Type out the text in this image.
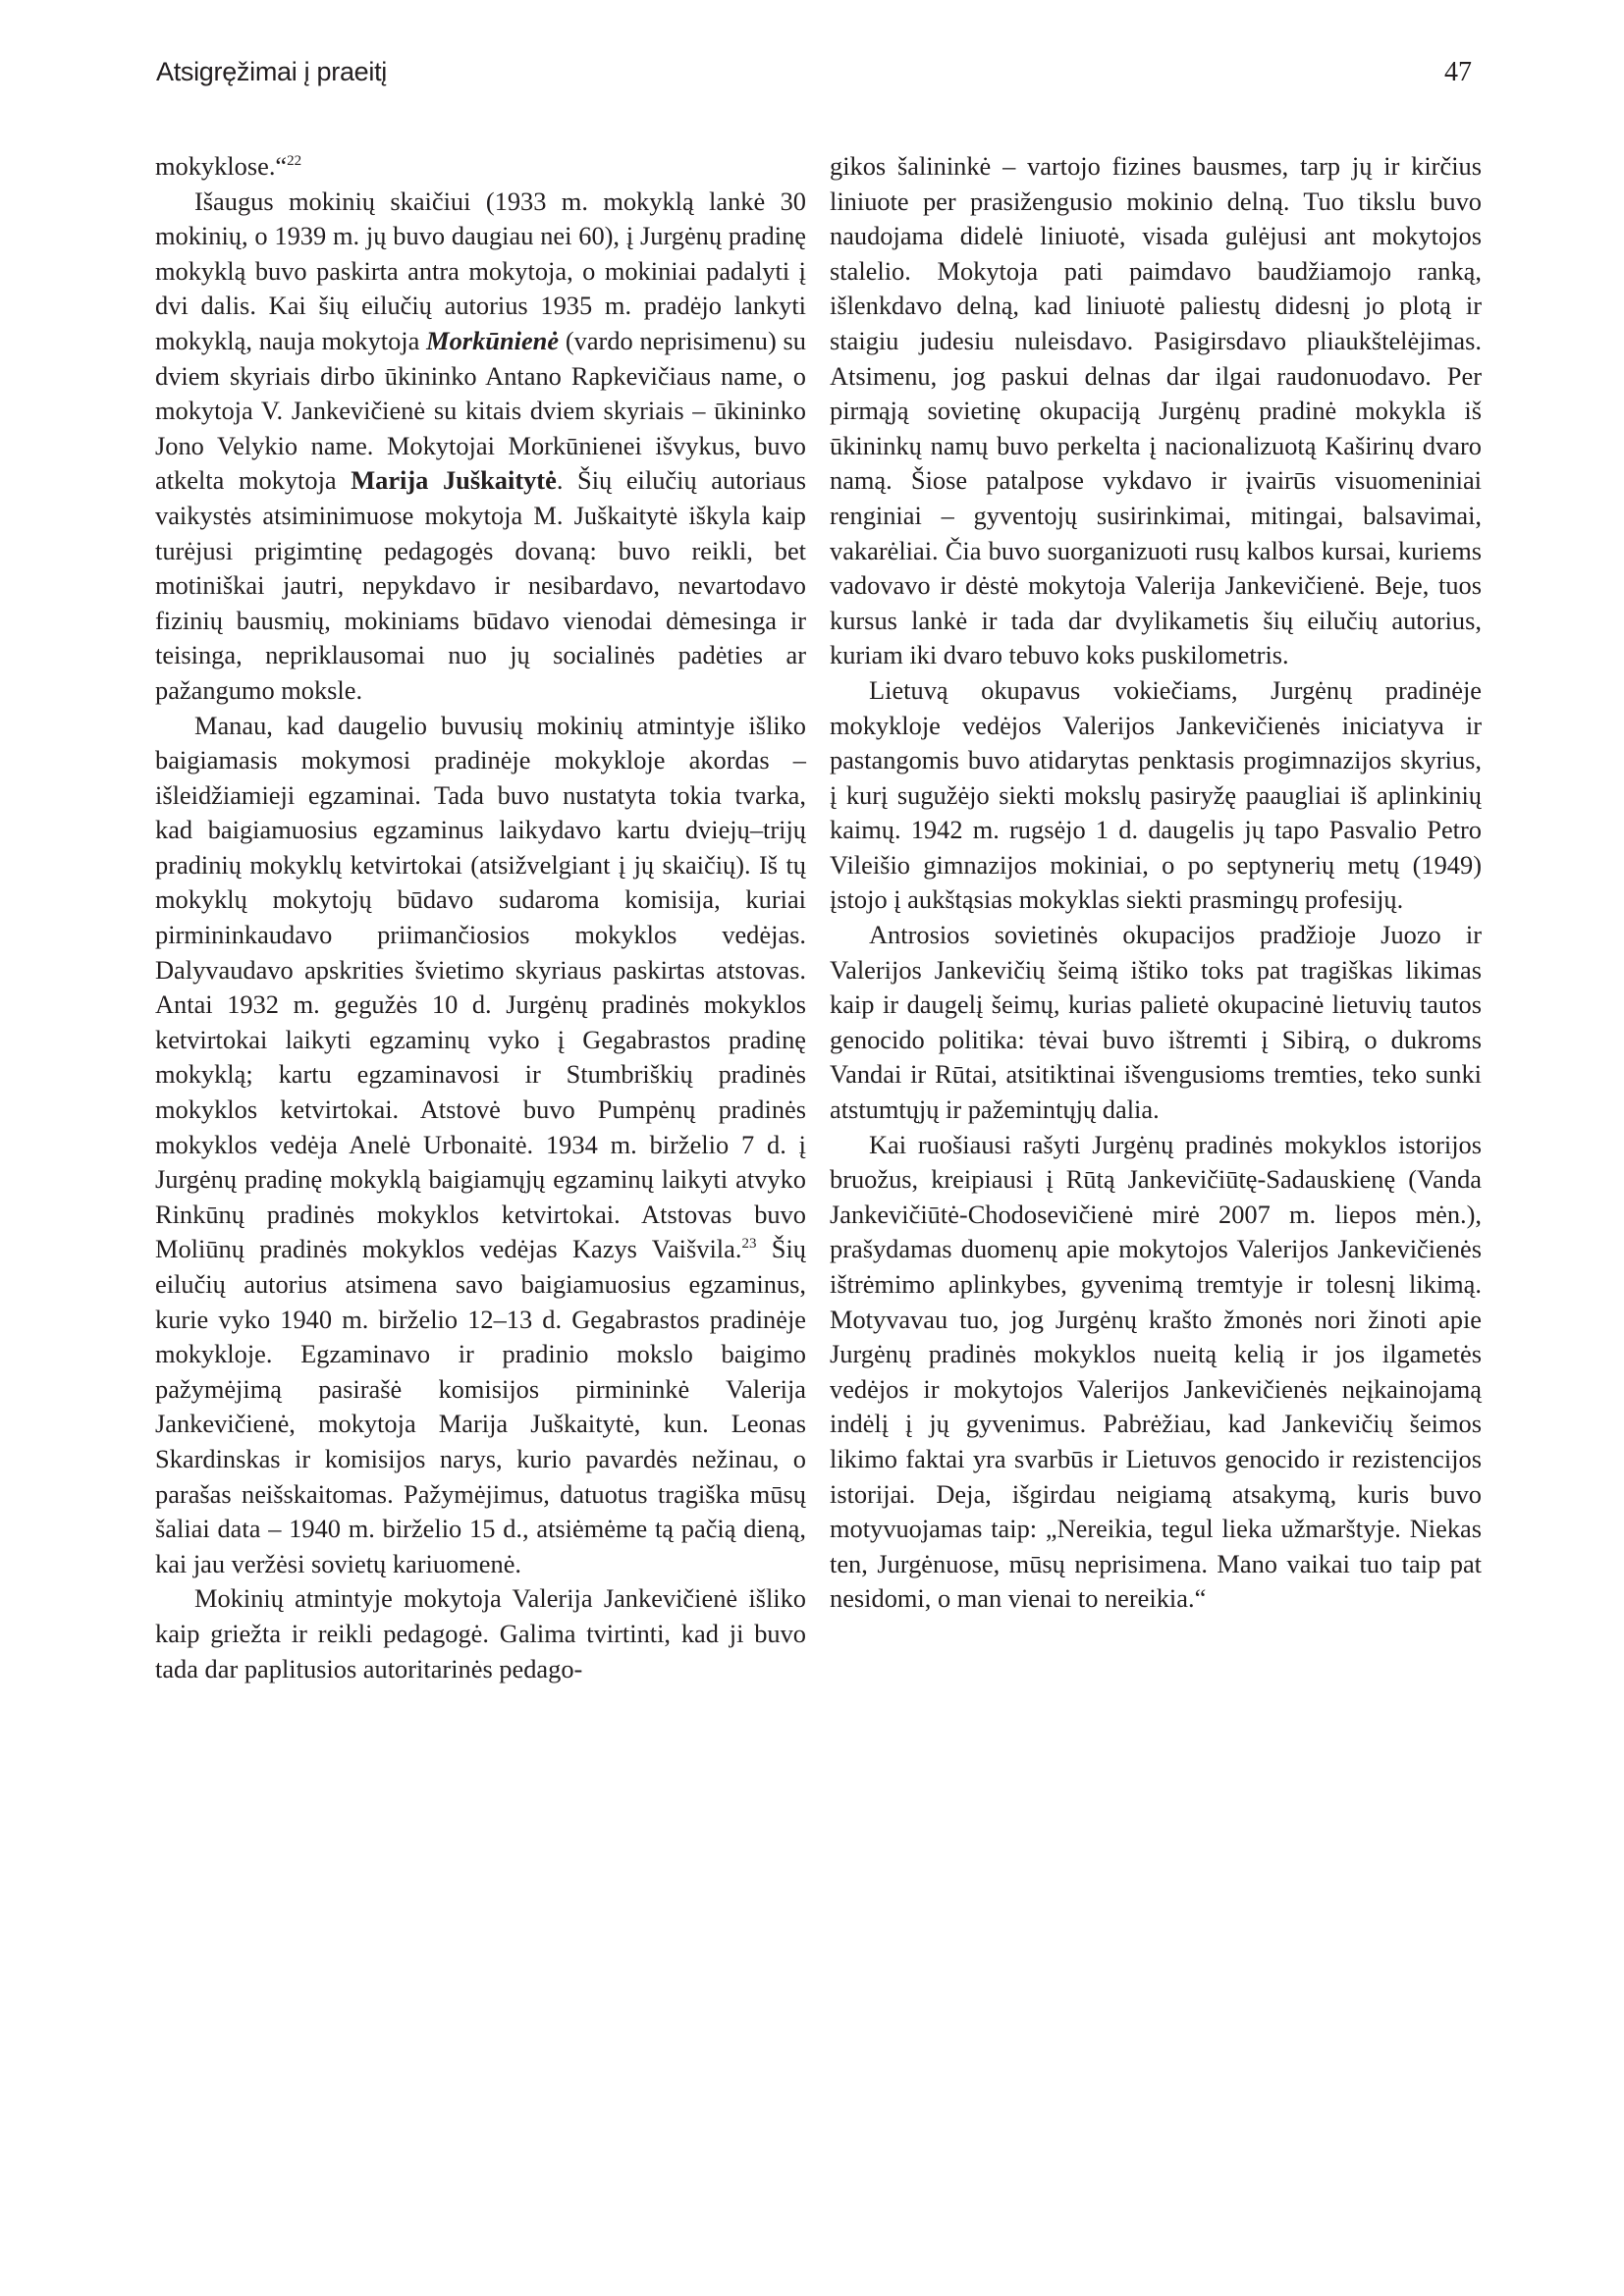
Atsigręžimai į praeitį	47

mokyklose.“$^{22}$

Išaugus mokinių skaičiui (1933 m. mokyklą lankė 30 mokinių, o 1939 m. jų buvo daugiau nei 60), į Jurgėnų pradinę mokyklą buvo paskirta antra mokytoja, o mokiniai padalyti į dvi dalis. Kai šių eilučių autorius 1935 m. pradėjo lankyti mokyklą, nauja mokytoja Morkūnienė (vardo neprisimenu) su dviem skyriais dirbo ūkininko Antano Rapkevičiaus name, o mokytoja V. Jankevičienė su kitais dviem skyriais – ūkininko Jono Velykio name. Mokytojai Morkūnienei išvykus, buvo atkelta mokytoja Marija Juškaitytė. Šių eilučių autoriaus vaikystės atsiminimuose mokytoja M. Juškaitytė iškyla kaip turėjusi prigimtinę pedagogės dovaną: buvo reikli, bet motiniškai jautri, nepykdavo ir nesibardavo, nevartodavo fizinių bausmių, mokiniams būdavo vienodai dėmesinga ir teisinga, nepriklausomai nuo jų socialinės padėties ar pažangumo moksle.

Manau, kad daugelio buvusių mokinių atmintyje išliko baigiamasis mokymosi pradinėje mokykloje akordas – išleidžiamieji egzaminai. Tada buvo nustatyta tokia tvarka, kad baigiamuosius egzaminus laikydavo kartu dviejų–trijų pradinių mokyklų ketvirtokai (atsižvelgiant į jų skaičių). Iš tų mokyklų mokytojų būdavo sudaroma komisija, kuriai pirmininkaudavo priimančiosios mokyklos vedėjas. Dalyvaudavo apskrities švietimo skyriaus paskirtas atstovas. Antai 1932 m. gegužės 10 d. Jurgėnų pradinės mokyklos ketvirtokai laikyti egzaminų vyko į Gegabrastos pradinę mokyklą; kartu egzaminavosi ir Stumbriškių pradinės mokyklos ketvirtokai. Atstovė buvo Pumpėnų pradinės mokyklos vedėja Anelė Urbonaitė. 1934 m. birželio 7 d. į Jurgėnų pradinę mokyklą baigiamųjų egzaminų laikyti atvyko Rinkūnų pradinės mokyklos ketvirtokai. Atstovas buvo Moliūnų pradinės mokyklos vedėjas Kazys Vaišvila.$^{23}$ Šių eilučių autorius atsimena savo baigiamuosius egzaminus, kurie vyko 1940 m. birželio 12–13 d. Gegabrastos pradinėje mokykloje. Egzaminavo ir pradinio mokslo baigimo pažymėjimą pasirašė komisijos pirmininkė Valerija Jankevičienė, mokytoja Marija Juškaitytė, kun. Leonas Skardinskas ir komisijos narys, kurio pavardės nežinau, o parašas neišskaitomas. Pažymėjimus, datuotus tragiška mūsų šaliai data – 1940 m. birželio 15 d., atsiėmėme tą pačią dieną, kai jau veržėsi sovietų kariuomenė.

Mokinių atmintyje mokytoja Valerija Jankevičienė išliko kaip griežta ir reikli pedagogė. Galima tvirtinti, kad ji buvo tada dar paplitusios autoritarinės pedago-

gikos šalininkė – vartojo fizines bausmes, tarp jų ir kirčius liniuote per prasižengusio mokinio delną. Tuo tikslu buvo naudojama didelė liniuotė, visada gulėjusi ant mokytojos stalelio. Mokytoja pati paimdavo baudžiamojo ranką, išlenkdavo delną, kad liniuotė paliestų didesnį jo plotą ir staigiu judesiu nuleisdavo. Pasigirsdavo pliaukštelėjimas. Atsimenu, jog paskui delnas dar ilgai raudonuodavo. Per pirmąją sovietinę okupaciją Jurgėnų pradinė mokykla iš ūkininkų namų buvo perkelta į nacionalizuotą Kaširinų dvaro namą. Šiose patalpose vykdavo ir įvairūs visuomeniniai renginiai – gyventojų susirinkimai, mitingai, balsavimai, vakarėliai. Čia buvo suorganizuoti rusų kalbos kursai, kuriems vadovavo ir dėstė mokytoja Valerija Jankevičienė. Beje, tuos kursus lankė ir tada dar dvylikametis šių eilučių autorius, kuriam iki dvaro tebuvo koks puskilometris.

Lietuvą okupavus vokiečiams, Jurgėnų pradinėje mokykloje vedėjos Valerijos Jankevičienės iniciatyva ir pastangomis buvo atidarytas penktasis progimnazijos skyrius, į kurį sugužėjo siekti mokslų pasiryžę paaugliai iš aplinkinių kaimų. 1942 m. rugsėjo 1 d. daugelis jų tapo Pasvalio Petro Vileišio gimnazijos mokiniai, o po septynerių metų (1949) įstojo į aukštąsias mokyklas siekti prasmingų profesijų.

Antrosios sovietinės okupacijos pradžioje Juozo ir Valerijos Jankevičių šeimą ištiko toks pat tragiškas likimas kaip ir daugelį šeimų, kurias palietė okupacinė lietuvių tautos genocido politika: tėvai buvo ištremti į Sibirą, o dukroms Vandai ir Rūtai, atsitiktinai išvengusioms tremties, teko sunki atstumtųjų ir pažemintųjų dalia.

Kai ruošiausi rašyti Jurgėnų pradinės mokyklos istorijos bruožus, kreipiausi į Rūtą Jankevičiūtę-Sadauskienę (Vanda Jankevičiūtė-Chodosevičienė mirė 2007 m. liepos mėn.), prašydamas duomenų apie mokytojos Valerijos Jankevičienės ištrėmimo aplinkybes, gyvenimą tremtyje ir tolesnį likimą. Motyvavau tuo, jog Jurgėnų krašto žmonės nori žinoti apie Jurgėnų pradinės mokyklos nueitą kelią ir jos ilgametės vedėjos ir mokytojos Valerijos Jankevičienės neįkainojamą indėlį į jų gyvenimus. Pabrėžiau, kad Jankevičių šeimos likimo faktai yra svarbūs ir Lietuvos genocido ir rezistencijos istorijai. Deja, išgirdau neigiamą atsakymą, kuris buvo motyvuojamas taip: „Nereikia, tegul lieka užmarštyje. Niekas ten, Jurgėnuose, mūsų neprisimena. Mano vaikai tuo taip pat nesidomi, o man vienai to nereikia.“
